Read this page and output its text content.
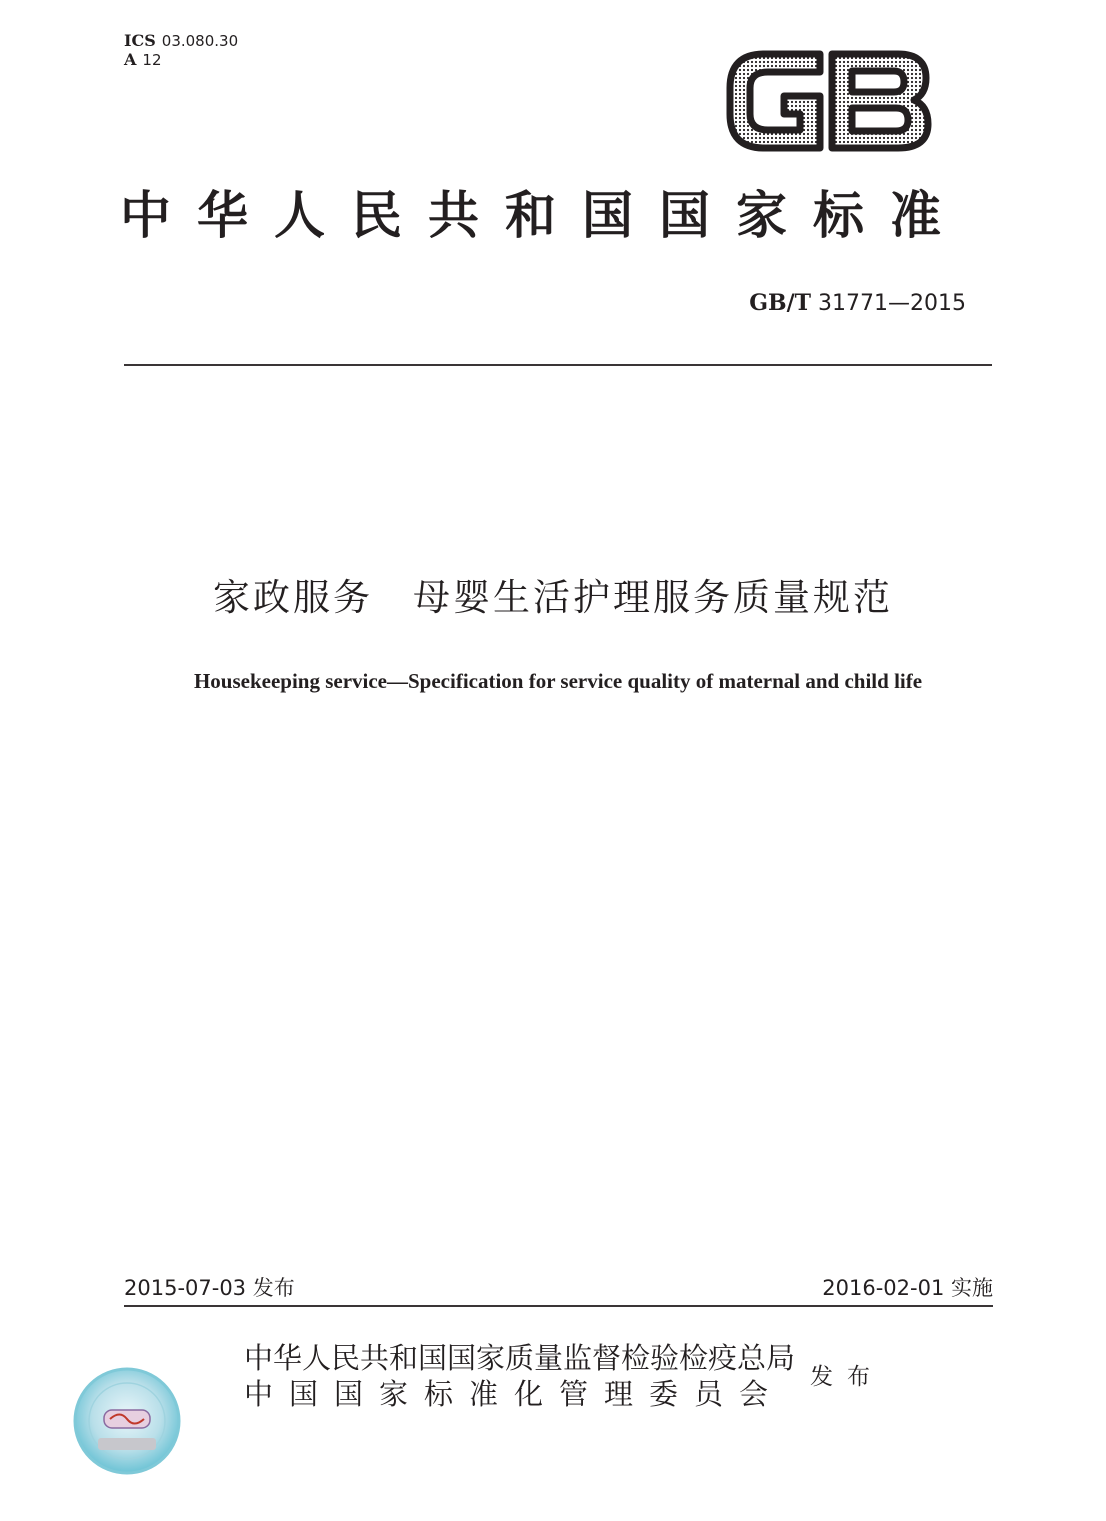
ICS 03.080.30
A 12
中华人民共和国国家标准
GB/T 31771—2015
家政服务　母婴生活护理服务质量规范
Housekeeping service—Specification for service quality of maternal and child life
2015-07-03 发布	2016-02-01 实施
中华人民共和国国家质量监督检验检疫总局
中国国家标准化管理委员会	发布
